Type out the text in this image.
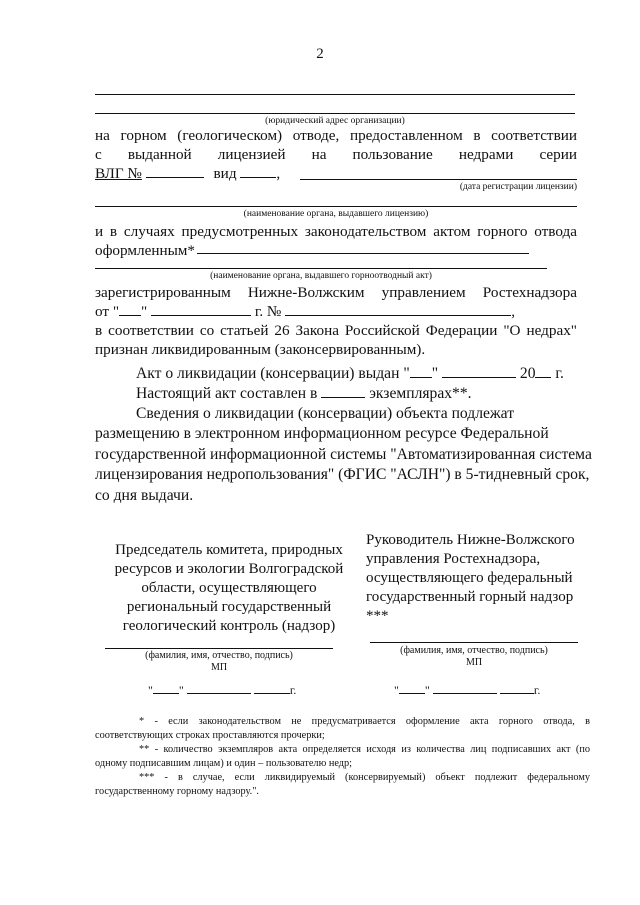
2
(юридический адрес организации)
на горном (геологическом) отводе, предоставленном в соответствии
с выданной лицензией на пользование недрами серии
ВЛГ №	вид	,
(дата регистрации лицензии)
(наименование органа, выдавшего лицензию)
и в случаях предусмотренных законодательством актом горного отвода
оформленным*
(наименование органа, выдавшего горноотводный акт)
зарегистрированным Нижне-Волжским управлением Ростехнадзора
от " "	г. №	,
в соответствии со статьей 26 Закона Российской Федерации "О недрах"
признан ликвидированным (законсервированным).
Акт о ликвидации (консервации) выдан " "	20 г.
Настоящий акт составлен в	экземплярах**.
Сведения о ликвидации (консервации) объекта подлежат
размещению в электронном информационном ресурсе Федеральной государственной информационной системы "Автоматизированная система лицензирования недропользования" (ФГИС "АСЛН") в 5-тидневный срок, со дня выдачи.
Председатель комитета, природных ресурсов и экологии Волгоградской области, осуществляющего региональный государственный геологический контроль (надзор)
Руководитель Нижне-Волжского управления Ростехнадзора, осуществляющего федеральный государственный горный надзор ***
(фамилия, имя, отчество, подпись)
МП
(фамилия, имя, отчество, подпись)
МП
" "	г.	" "	г.
* - если законодательством не предусматривается оформление акта горного отвода, в соответствующих строках проставляются прочерки;
** - количество экземпляров акта определяется исходя из количества лиц подписавших акт (по одному подписавшим лицам) и один – пользователю недр;
*** - в случае, если ликвидируемый (консервируемый) объект подлежит федеральному государственному горному надзору.".
